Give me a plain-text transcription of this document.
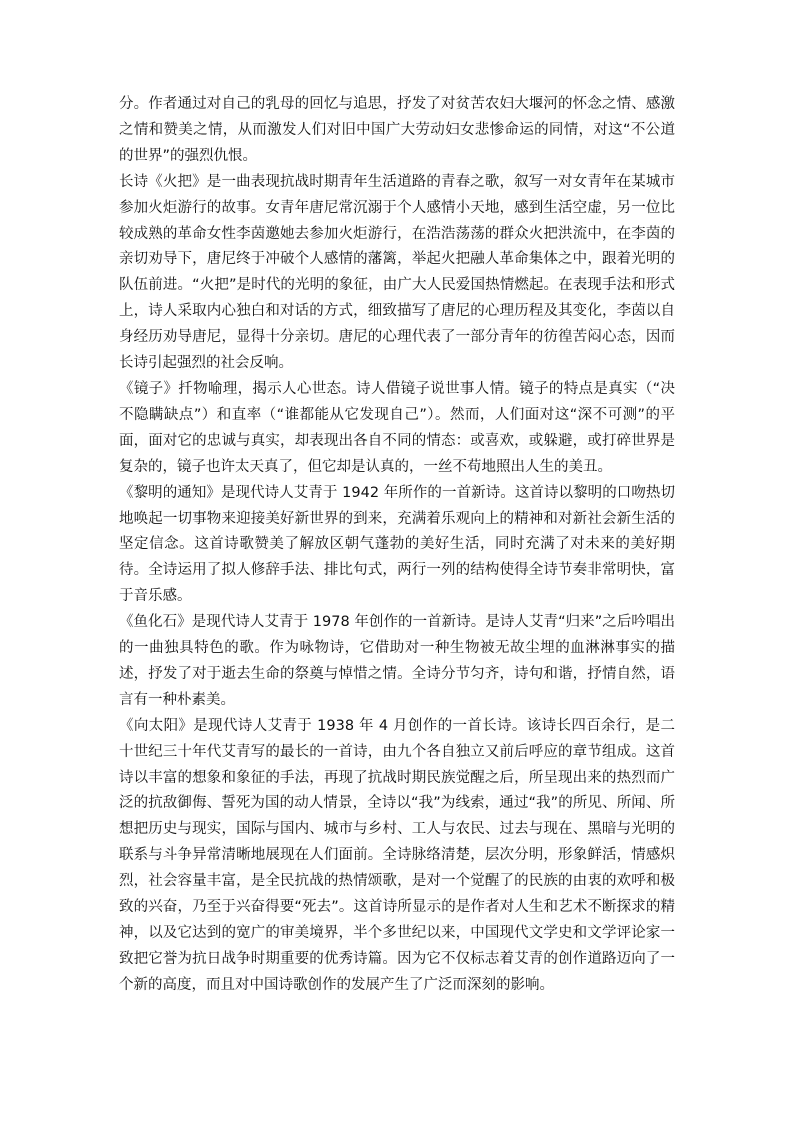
分。作者通过对自己的乳母的回忆与追思，抒发了对贫苦农妇大堰河的怀念之情、感激之情和赞美之情，从而激发人们对旧中国广大劳动妇女悲惨命运的同情，对这“不公道的世界”的强烈仇恨。

长诗《火把》是一曲表现抗战时期青年生活道路的青春之歌，叙写一对女青年在某城市参加火炬游行的故事。女青年唐尼常沉溺于个人感情小天地，感到生活空虚，另一位比较成熟的革命女性李茵邀她去参加火炬游行，在浩浩荡荡的群众火把洪流中，在李茵的亲切劝导下，唐尼终于冲破个人感情的藩篱，举起火把融人革命集体之中，跟着光明的队伍前进。“火把”是时代的光明的象征，由广大人民爱国热情燃起。在表现手法和形式上，诗人采取内心独白和对话的方式，细致描写了唐尼的心理历程及其变化，李茵以自身经历劝导唐尼，显得十分亲切。唐尼的心理代表了一部分青年的彷徨苦闷心态，因而长诗引起强烈的社会反响。

《镜子》扦物喻理，揭示人心世态。诗人借镜子说世事人情。镜子的特点是真实（“决不隐瞒缺点”）和直率（“谁都能从它发现自己”）。然而，人们面对这“深不可测”的平面，面对它的忠诚与真实，却表现出各自不同的情态：或喜欢，或躲避，或打碎世界是复杂的，镜子也许太天真了，但它却是认真的，一丝不苟地照出人生的美丑。

《黎明的通知》是现代诗人艾青于 1942 年所作的一首新诗。这首诗以黎明的口吻热切地唤起一切事物来迎接美好新世界的到来，充满着乐观向上的精神和对新社会新生活的坚定信念。这首诗歌赞美了解放区朝气蓬勃的美好生活，同时充满了对未来的美好期待。全诗运用了拟人修辞手法、排比句式，两行一列的结构使得全诗节奏非常明快，富于音乐感。

《鱼化石》是现代诗人艾青于 1978 年创作的一首新诗。是诗人艾青“归来”之后吟唱出的一曲独具特色的歌。作为咏物诗，它借助对一种生物被无故尘埋的血淋淋事实的描述，抒发了对于逝去生命的祭奠与悼惜之情。全诗分节匀齐，诗句和谐，抒情自然，语言有一种朴素美。

《向太阳》是现代诗人艾青于 1938 年 4 月创作的一首长诗。该诗长四百余行，是二十世纪三十年代艾青写的最长的一首诗，由九个各自独立又前后呼应的章节组成。这首诗以丰富的想象和象征的手法，再现了抗战时期民族觉醒之后，所呈现出来的热烈而广泛的抗敌御侮、誓死为国的动人情景，全诗以“我”为线索，通过“我”的所见、所闻、所想把历史与现实，国际与国内、城市与乡村、工人与农民、过去与现在、黑暗与光明的联系与斗争异常清晰地展现在人们面前。全诗脉络清楚，层次分明，形象鲜活，情感炽烈，社会容量丰富，是全民抗战的热情颂歌，是对一个觉醒了的民族的由衷的欢呼和极致的兴奋，乃至于兴奋得要“死去”。这首诗所显示的是作者对人生和艺术不断探求的精神，以及它达到的宽广的审美境界，半个多世纪以来，中国现代文学史和文学评论家一致把它誉为抗日战争时期重要的优秀诗篇。因为它不仅标志着艾青的创作道路迈向了一个新的高度，而且对中国诗歌创作的发展产生了广泛而深刻的影响。
